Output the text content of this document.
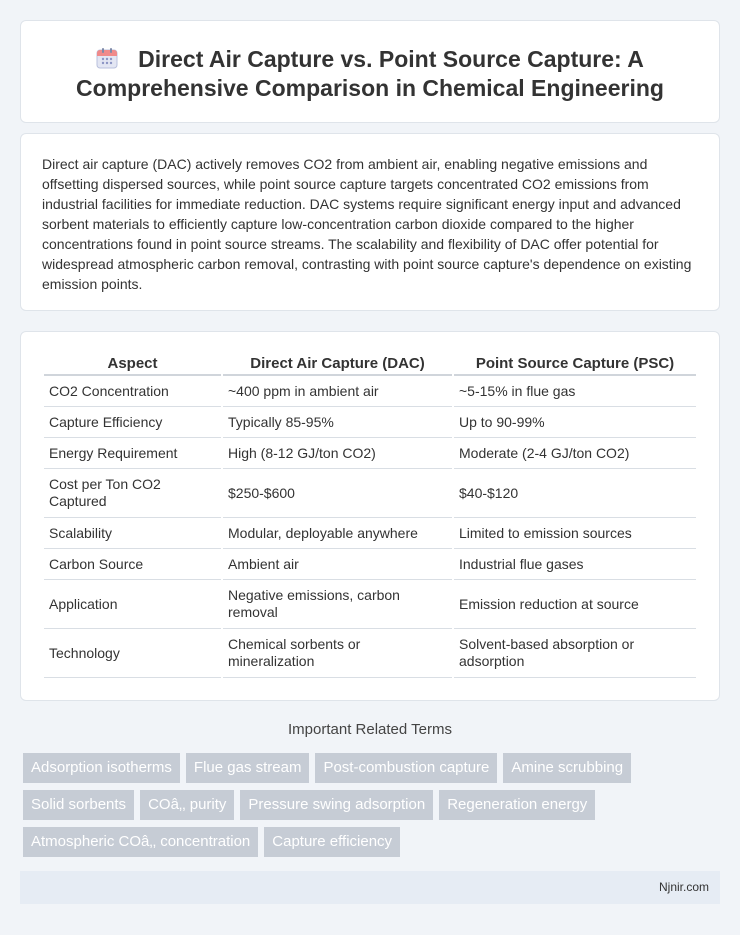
Direct Air Capture vs. Point Source Capture: A Comprehensive Comparison in Chemical Engineering

Direct air capture (DAC) actively removes CO2 from ambient air, enabling negative emissions and offsetting dispersed sources, while point source capture targets concentrated CO2 emissions from industrial facilities for immediate reduction. DAC systems require significant energy input and advanced sorbent materials to efficiently capture low-concentration carbon dioxide compared to the higher concentrations found in point source streams. The scalability and flexibility of DAC offer potential for widespread atmospheric carbon removal, contrasting with point source capture's dependence on existing emission points.

Aspect	Direct Air Capture (DAC)	Point Source Capture (PSC)
CO2 Concentration	~400 ppm in ambient air	~5-15% in flue gas
Capture Efficiency	Typically 85-95%	Up to 90-99%
Energy Requirement	High (8-12 GJ/ton CO2)	Moderate (2-4 GJ/ton CO2)
Cost per Ton CO2 Captured	$250-$600	$40-$120
Scalability	Modular, deployable anywhere	Limited to emission sources
Carbon Source	Ambient air	Industrial flue gases
Application	Negative emissions, carbon removal	Emission reduction at source
Technology	Chemical sorbents or mineralization	Solvent-based absorption or adsorption
Important Related Terms
Adsorption isotherms	Flue gas stream	Post-combustion capture	Amine scrubbing
Solid sorbents	COâ‚‚ purity	Pressure swing adsorption	Regeneration energy
Atmospheric COâ‚‚ concentration	Capture efficiency
Njnir.com
